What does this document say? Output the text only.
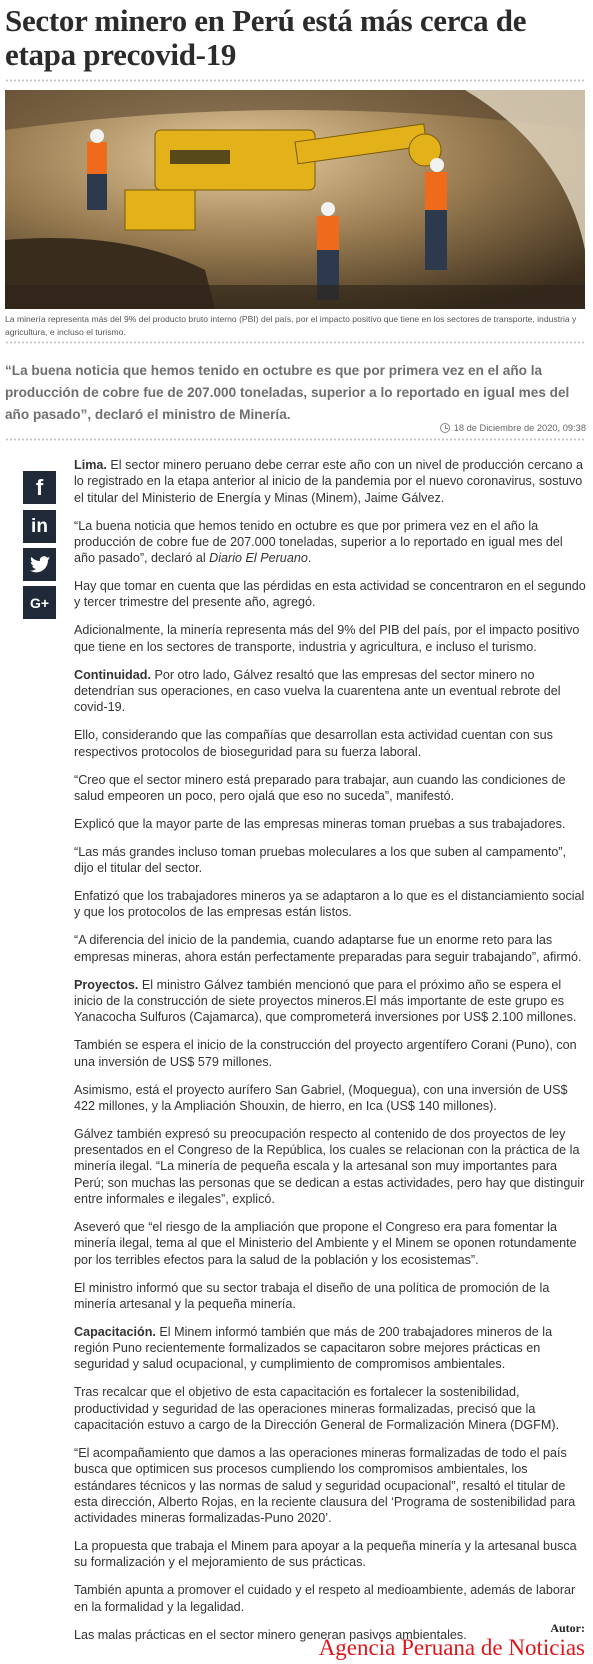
Sector minero en Perú está más cerca de etapa precovid-19

La minería representa más del 9% del producto bruto interno (PBI) del país, por el impacto positivo que tiene en los sectores de transporte, industria y agricultura, e incluso el turismo.

“La buena noticia que hemos tenido en octubre es que por primera vez en el año la producción de cobre fue de 207.000 toneladas, superior a lo reportado en igual mes del año pasado”, declaró el ministro de Minería.

18 de Diciembre de 2020, 09:38
f
in
G+

Lima. El sector minero peruano debe cerrar este año con un nivel de producción cercano a lo registrado en la etapa anterior al inicio de la pandemia por el nuevo coronavirus, sostuvo el titular del Ministerio de Energía y Minas (Minem), Jaime Gálvez.

“La buena noticia que hemos tenido en octubre es que por primera vez en el año la producción de cobre fue de 207.000 toneladas, superior a lo reportado en igual mes del año pasado”, declaró al Diario El Peruano.

Hay que tomar en cuenta que las pérdidas en esta actividad se concentraron en el segundo y tercer trimestre del presente año, agregó.

Adicionalmente, la minería representa más del 9% del PIB del país, por el impacto positivo que tiene en los sectores de transporte, industria y agricultura, e incluso el turismo.

Continuidad. Por otro lado, Gálvez resaltó que las empresas del sector minero no detendrían sus operaciones, en caso vuelva la cuarentena ante un eventual rebrote del covid-19.

Ello, considerando que las compañías que desarrollan esta actividad cuentan con sus respectivos protocolos de bioseguridad para su fuerza laboral.

“Creo que el sector minero está preparado para trabajar, aun cuando las condiciones de salud empeoren un poco, pero ojalá que eso no suceda”, manifestó.

Explicó que la mayor parte de las empresas mineras toman pruebas a sus trabajadores.

“Las más grandes incluso toman pruebas moleculares a los que suben al campamento”, dijo el titular del sector.

Enfatizó que los trabajadores mineros ya se adaptaron a lo que es el distanciamiento social y que los protocolos de las empresas están listos.

“A diferencia del inicio de la pandemia, cuando adaptarse fue un enorme reto para las empresas mineras, ahora están perfectamente preparadas para seguir trabajando”, afirmó.

Proyectos. El ministro Gálvez también mencionó que para el próximo año se espera el inicio de la construcción de siete proyectos mineros.El más importante de este grupo es Yanacocha Sulfuros (Cajamarca), que comprometerá inversiones por US$ 2.100 millones.

También se espera el inicio de la construcción del proyecto argentífero Corani (Puno), con una inversión de US$ 579 millones.

Asimismo, está el proyecto aurífero San Gabriel, (Moquegua), con una inversión de US$ 422 millones, y la Ampliación Shouxin, de hierro, en Ica (US$ 140 millones).

Gálvez también expresó su preocupación respecto al contenido de dos proyectos de ley presentados en el Congreso de la República, los cuales se relacionan con la práctica de la minería ilegal. “La minería de pequeña escala y la artesanal son muy importantes para Perú; son muchas las personas que se dedican a estas actividades, pero hay que distinguir entre informales e ilegales”, explicó.

Aseveró que “el riesgo de la ampliación que propone el Congreso era para fomentar la minería ilegal, tema al que el Ministerio del Ambiente y el Minem se oponen rotundamente por los terribles efectos para la salud de la población y los ecosistemas”.

El ministro informó que su sector trabaja el diseño de una política de promoción de la minería artesanal y la pequeña minería.

Capacitación. El Minem informó también que más de 200 trabajadores mineros de la región Puno recientemente formalizados se capacitaron sobre mejores prácticas en seguridad y salud ocupacional, y cumplimiento de compromisos ambientales.

Tras recalcar que el objetivo de esta capacitación es fortalecer la sostenibilidad, productividad y seguridad de las operaciones mineras formalizadas, precisó que la capacitación estuvo a cargo de la Dirección General de Formalización Minera (DGFM).

“El acompañamiento que damos a las operaciones mineras formalizadas de todo el país busca que optimicen sus procesos cumpliendo los compromisos ambientales, los estándares técnicos y las normas de salud y seguridad ocupacional”, resaltó el titular de esta dirección, Alberto Rojas, en la reciente clausura del ‘Programa de sostenibilidad para actividades mineras formalizadas-Puno 2020’.

La propuesta que trabaja el Minem para apoyar a la pequeña minería y la artesanal busca su formalización y el mejoramiento de sus prácticas.

También apunta a promover el cuidado y el respeto al medioambiente, además de laborar en la formalidad y la legalidad.

Las malas prácticas en el sector minero generan pasivos ambientales.	Autor:
Agencia Peruana de Noticias
